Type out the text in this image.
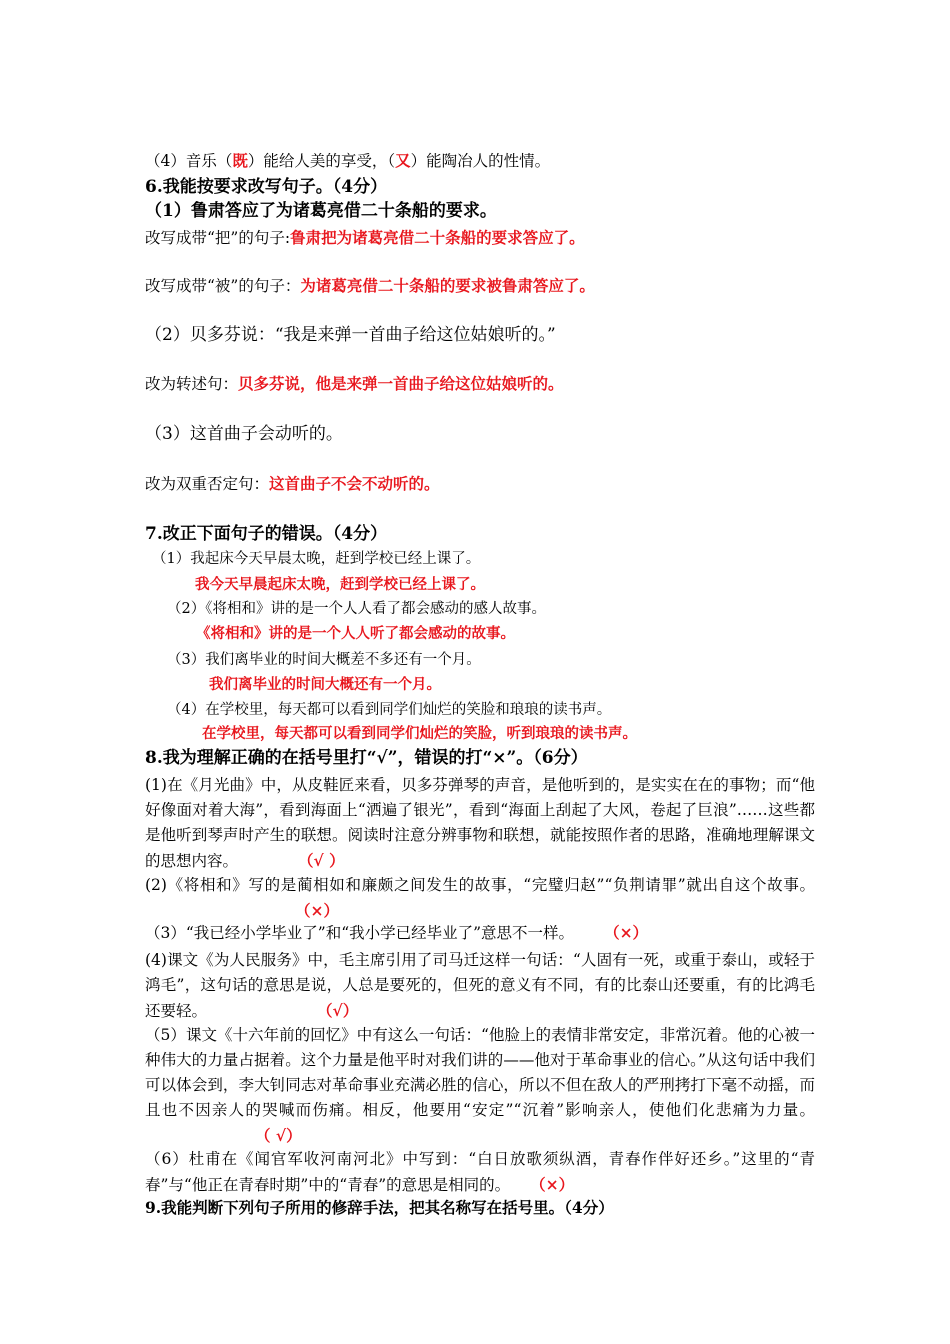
（4）音乐（既）能给人美的享受，（又）能陶冶人的性情。
6.我能按要求改写句子。（4分）
（1）鲁肃答应了为诸葛亮借二十条船的要求。
改写成带“把”的句子:鲁肃把为诸葛亮借二十条船的要求答应了。
改写成带“被”的句子：为诸葛亮借二十条船的要求被鲁肃答应了。
（2）贝多芬说：“我是来弹一首曲子给这位姑娘听的。”
改为转述句：贝多芬说，他是来弹一首曲子给这位姑娘听的。
（3）这首曲子会动听的。
改为双重否定句：这首曲子不会不动听的。
7.改正下面句子的错误。（4分）
（1）我起床今天早晨太晚，赶到学校已经上课了。
我今天早晨起床太晚，赶到学校已经上课了。
（2）《将相和》讲的是一个人人看了都会感动的感人故事。
《将相和》讲的是一个人人听了都会感动的故事。
（3）我们离毕业的时间大概差不多还有一个月。
我们离毕业的时间大概还有一个月。
（4）在学校里，每天都可以看到同学们灿烂的笑脸和琅琅的读书声。
在学校里，每天都可以看到同学们灿烂的笑脸，听到琅琅的读书声。
8.我为理解正确的在括号里打“√”，错误的打“×”。（6分）
(1)在《月光曲》中，从皮鞋匠来看，贝多芬弹琴的声音，是他听到的，是实实在在的事物；而“他好像面对着大海”，看到海面上“洒遍了银光”，看到“海面上刮起了大风，卷起了巨浪”……这些都是他听到琴声时产生的联想。阅读时注意分辨事物和联想，就能按照作者的思路，准确地理解课文的思想内容。	（√ ）
(2)《将相和》写的是蔺相如和廉颇之间发生的故事，“完璧归赵”“负荆请罪”就出自这个故事。（×）
（3）“我已经小学毕业了”和“我小学已经毕业了”意思不一样。 （×）
(4)课文《为人民服务》中，毛主席引用了司马迁这样一句话：“人固有一死，或重于泰山，或轻于鸿毛”，这句话的意思是说，人总是要死的，但死的意义有不同，有的比泰山还要重，有的比鸿毛还要轻。	（√）
（5）课文《十六年前的回忆》中有这么一句话：“他脸上的表情非常安定，非常沉着。他的心被一种伟大的力量占据着。这个力量是他平时对我们讲的——他对于革命事业的信心。”从这句话中我们可以体会到，李大钊同志对革命事业充满必胜的信心，所以不但在敌人的严刑拷打下毫不动摇，而且也不因亲人的哭喊而伤痛。相反，他要用“安定”“沉着”影响亲人，使他们化悲痛为力量。（ √）
（6）杜甫在《闻官军收河南河北》中写到：“白日放歌须纵酒，青春作伴好还乡。”这里的“青春”与“他正在青春时期”中的“青春”的意思是相同的。 （×）
9.我能判断下列句子所用的修辞手法，把其名称写在括号里。（4分）
